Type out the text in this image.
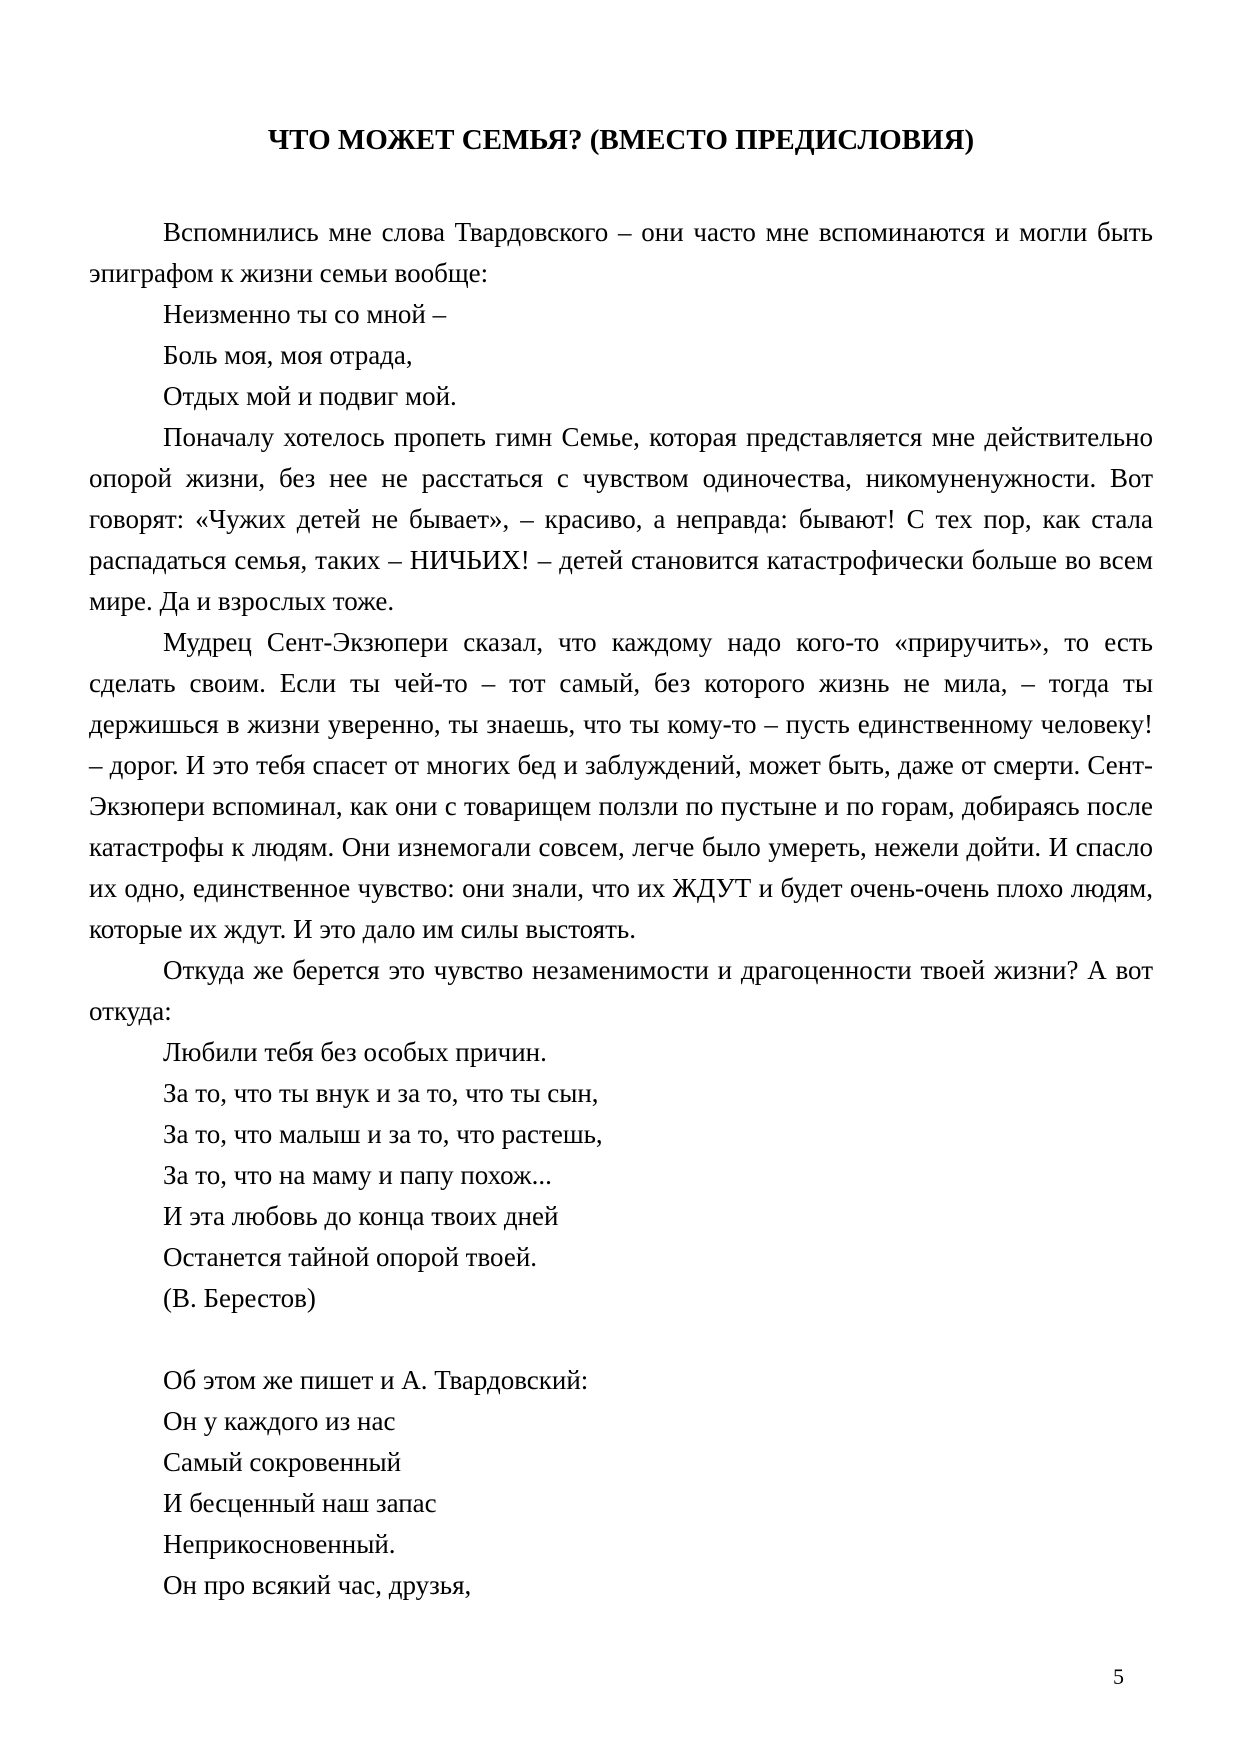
ЧТО МОЖЕТ СЕМЬЯ? (ВМЕСТО ПРЕДИСЛОВИЯ)

Вспомнились мне слова Твардовского – они часто мне вспоминаются и могли быть эпиграфом к жизни семьи вообще:

Неизменно ты со мной –

Боль моя, моя отрада,

Отдых мой и подвиг мой.

Поначалу хотелось пропеть гимн Семье, которая представляется мне действительно опорой жизни, без нее не расстаться с чувством одиночества, никомуненужности. Вот говорят: «Чужих детей не бывает», – красиво, а неправда: бывают! С тех пор, как стала распадаться семья, таких – НИЧЬИХ! – детей становится катастрофически больше во всем мире. Да и взрослых тоже.

Мудрец Сент-Экзюпери сказал, что каждому надо кого-то «приручить», то есть сделать своим. Если ты чей-то – тот самый, без которого жизнь не мила, – тогда ты держишься в жизни уверенно, ты знаешь, что ты кому-то – пусть единственному человеку! – дорог. И это тебя спасет от многих бед и заблуждений, может быть, даже от смерти. Сент-Экзюпери вспоминал, как они с товарищем ползли по пустыне и по горам, добираясь после катастрофы к людям. Они изнемогали совсем, легче было умереть, нежели дойти. И спасло их одно, единственное чувство: они знали, что их ЖДУТ и будет очень-очень плохо людям, которые их ждут. И это дало им силы выстоять.

Откуда же берется это чувство незаменимости и драгоценности твоей жизни? А вот откуда:

Любили тебя без особых причин.

За то, что ты внук и за то, что ты сын,

За то, что малыш и за то, что растешь,

За то, что на маму и папу похож...

И эта любовь до конца твоих дней

Останется тайной опорой твоей.

(В. Берестов)

Об этом же пишет и А. Твардовский:

Он у каждого из нас

Самый сокровенный

И бесценный наш запас

Неприкосновенный.

Он про всякий час, друзья,

5
